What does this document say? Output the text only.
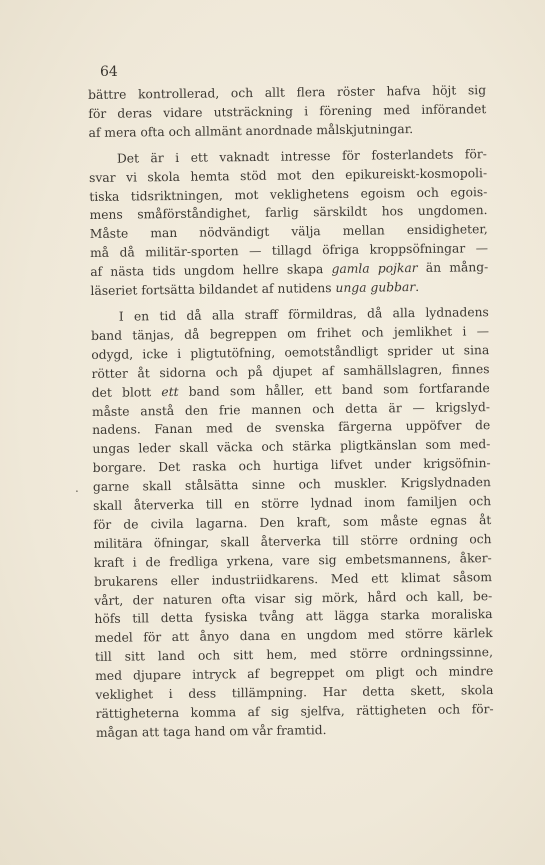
64
.

bättre kontrollerad, och allt flera röster hafva höjt sig
för deras vidare utsträckning i förening med införandet
af mera ofta och allmänt anordnade målskjutningar.

Det är i ett vaknadt intresse för fosterlandets för-
svar vi skola hemta stöd mot den epikureiskt-kosmopoli-
tiska tidsriktningen, mot veklighetens egoism och egois-
mens småförståndighet, farlig särskildt hos ungdomen.
Måste man nödvändigt välja mellan ensidigheter,
må då militär-sporten — tillagd öfriga kroppsöfningar —
af nästa tids ungdom hellre skapa gamla pojkar än mång-
läseriet fortsätta bildandet af nutidens unga gubbar.

I en tid då alla straff förmildras, då alla lydnadens
band tänjas, då begreppen om frihet och jemlikhet i —
odygd, icke i pligtutöfning, oemotståndligt sprider ut sina
rötter åt sidorna och på djupet af samhällslagren, finnes
det blott ett band som håller, ett band som fortfarande
måste anstå den frie mannen och detta är — krigslyd-
nadens. Fanan med de svenska färgerna uppöfver de
ungas leder skall väcka och stärka pligtkänslan som med-
borgare. Det raska och hurtiga lifvet under krigsöfnin-
garne skall stålsätta sinne och muskler. Krigslydnaden
skall återverka till en större lydnad inom familjen och
för de civila lagarna. Den kraft, som måste egnas åt
militära öfningar, skall återverka till större ordning och
kraft i de fredliga yrkena, vare sig embetsmannens, åker-
brukarens eller industriidkarens. Med ett klimat såsom
vårt, der naturen ofta visar sig mörk, hård och kall, be-
höfs till detta fysiska tvång att lägga starka moraliska
medel för att ånyo dana en ungdom med större kärlek
till sitt land och sitt hem, med större ordningssinne,
med djupare intryck af begreppet om pligt och mindre
veklighet i dess tillämpning. Har detta skett, skola
rättigheterna komma af sig sjelfva, rättigheten och för-
mågan att taga hand om vår framtid.
